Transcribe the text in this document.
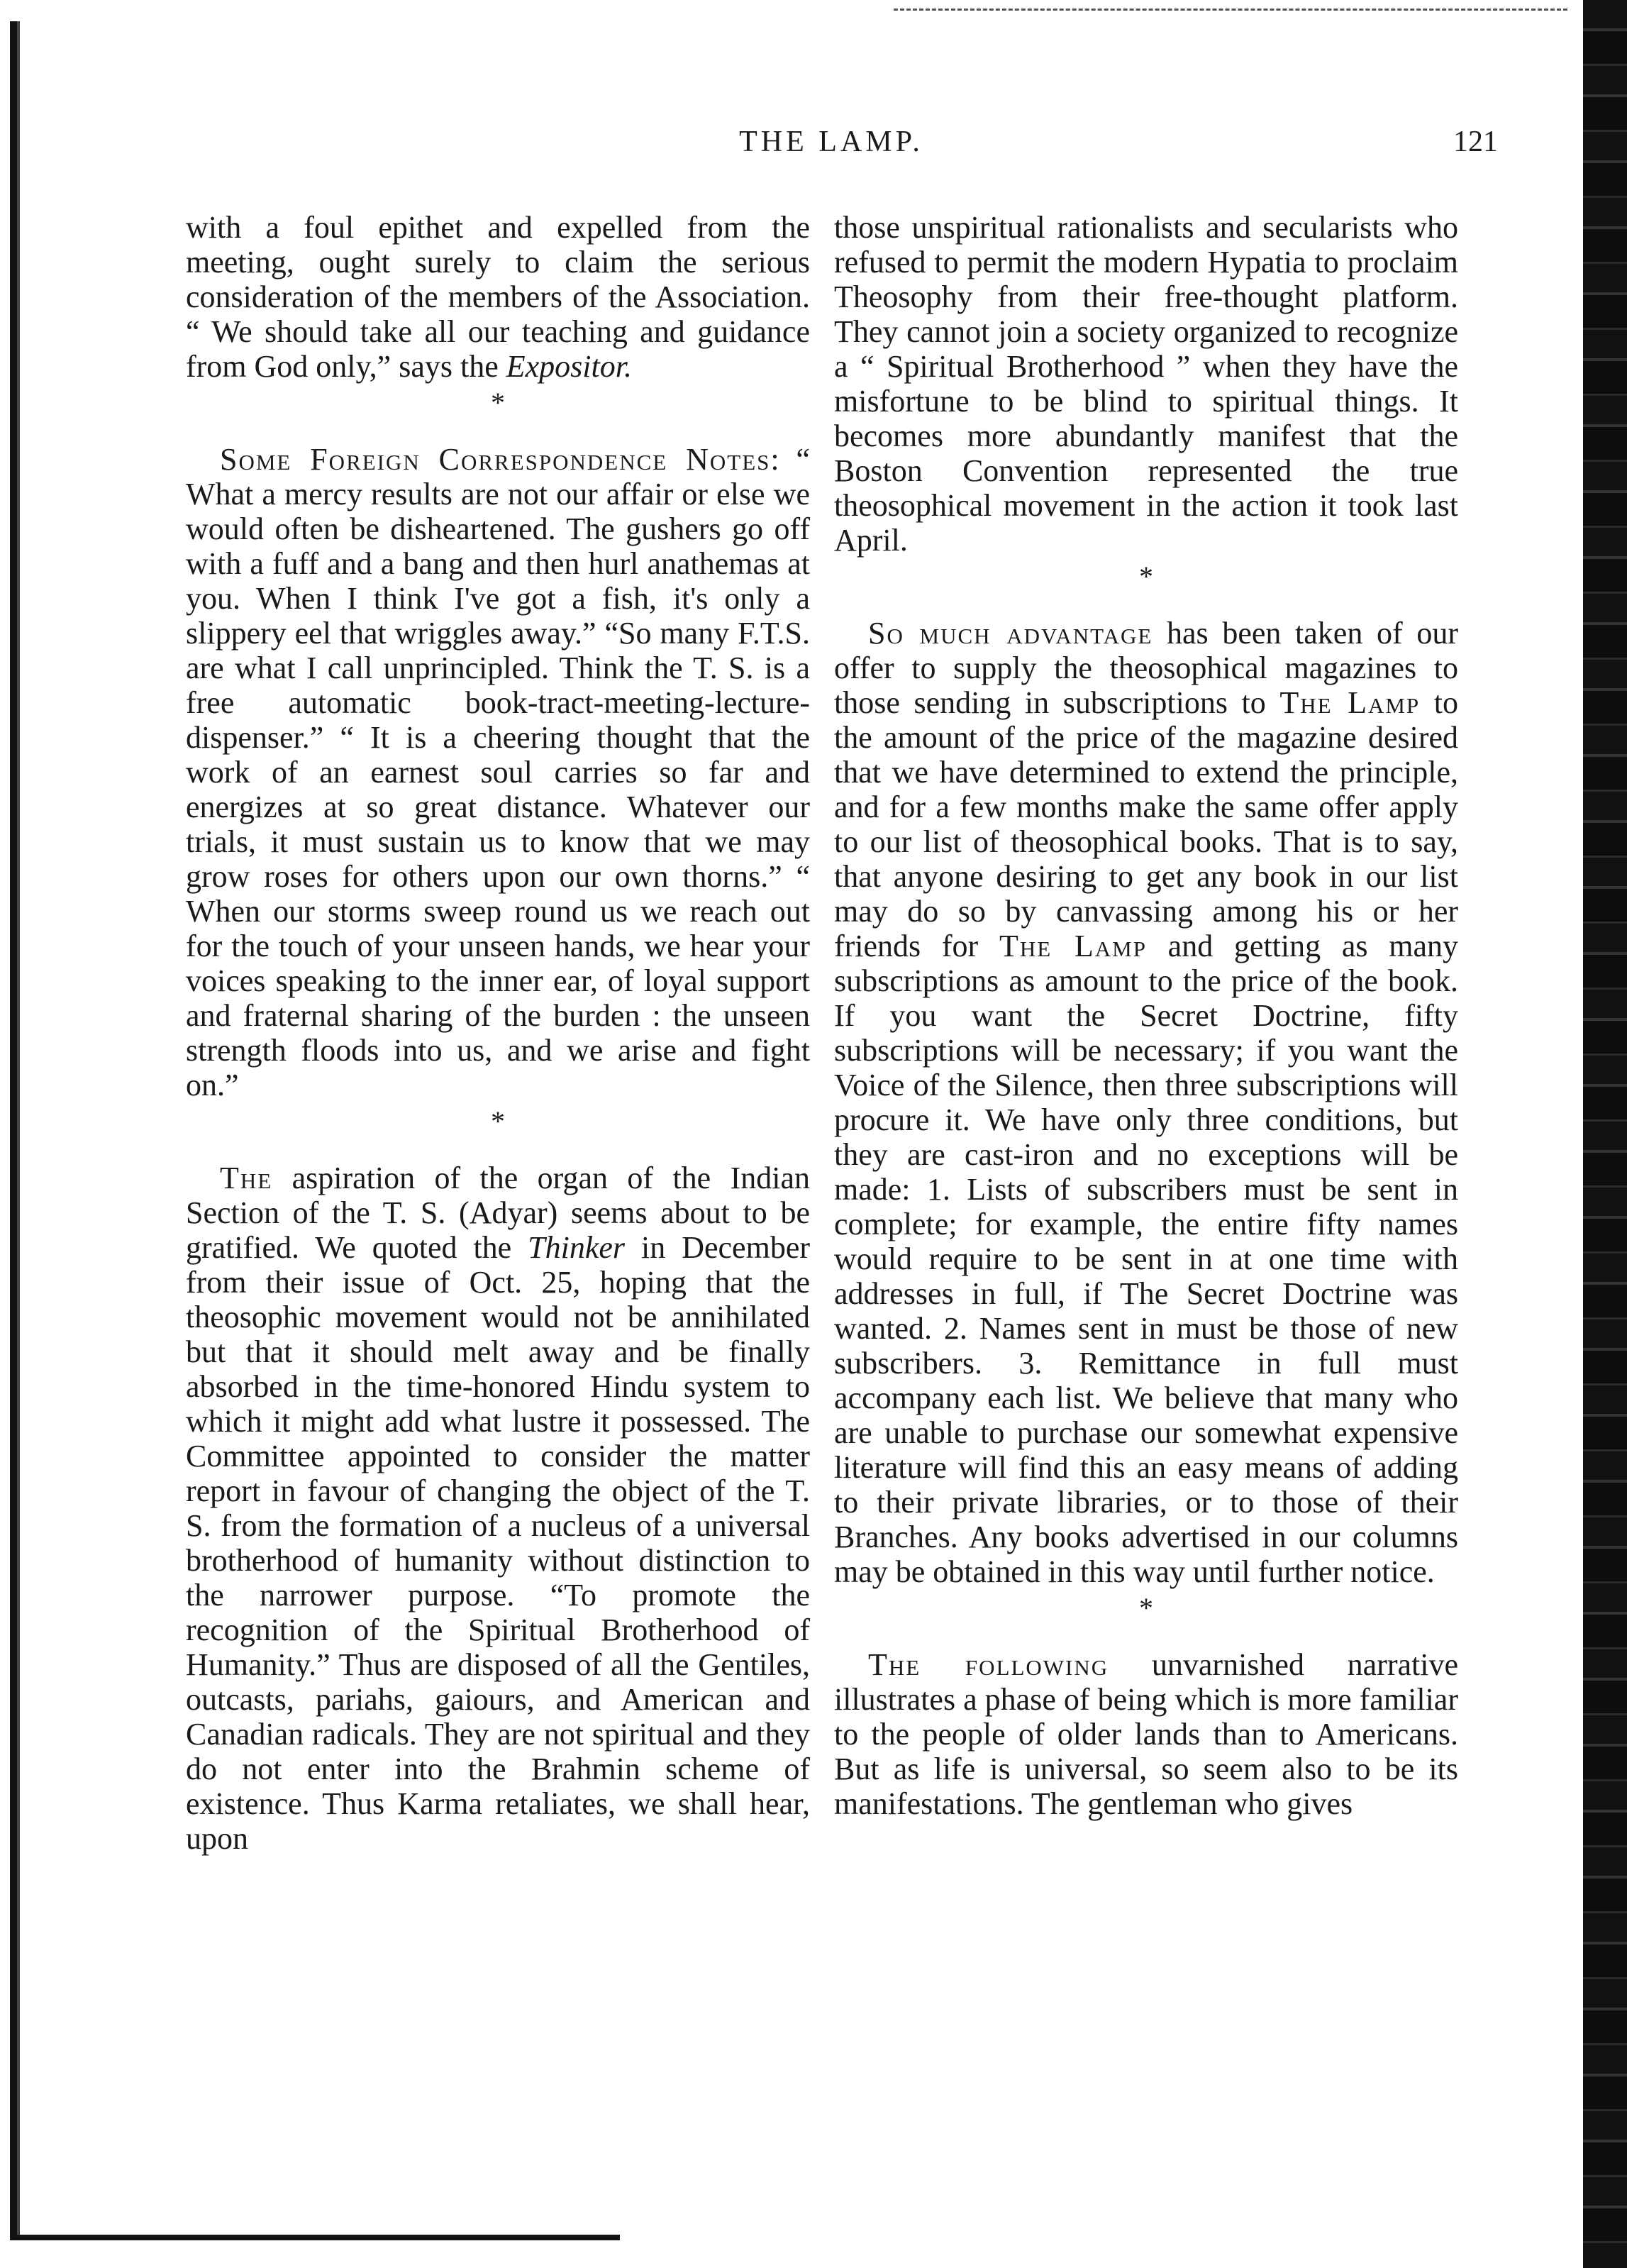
THE LAMP.	121

with a foul epithet and expelled from the meeting, ought surely to claim the serious consideration of the members of the Association. “ We should take all our teaching and guidance from God only,” says the Expositor.

*

Some Foreign Correspondence Notes: “ What a mercy results are not our affair or else we would often be disheartened. The gushers go off with a fuff and a bang and then hurl anathemas at you. When I think I've got a fish, it's only a slippery eel that wriggles away.” “So many F.T.S. are what I call unprincipled. Think the T. S. is a free automatic book-tract-meeting-lecture-dispenser.” “ It is a cheering thought that the work of an earnest soul carries so far and energizes at so great distance. Whatever our trials, it must sustain us to know that we may grow roses for others upon our own thorns.” “ When our storms sweep round us we reach out for the touch of your unseen hands, we hear your voices speaking to the inner ear, of loyal support and fraternal sharing of the burden : the unseen strength floods into us, and we arise and fight on.”

*

The aspiration of the organ of the Indian Section of the T. S. (Adyar) seems about to be gratified. We quoted the Thinker in December from their issue of Oct. 25, hoping that the theosophic movement would not be annihilated but that it should melt away and be finally absorbed in the time-honored Hindu system to which it might add what lustre it possessed. The Committee appointed to consider the matter report in favour of changing the object of the T. S. from the formation of a nucleus of a universal brotherhood of humanity without distinction to the narrower purpose. “To promote the recognition of the Spiritual Brotherhood of Humanity.” Thus are disposed of all the Gentiles, outcasts, pariahs, gaiours, and American and Canadian radicals. They are not spiritual and they do not enter into the Brahmin scheme of existence. Thus Karma retaliates, we shall hear, upon

those unspiritual rationalists and secularists who refused to permit the modern Hypatia to proclaim Theosophy from their free-thought platform. They cannot join a society organized to recognize a “ Spiritual Brotherhood ” when they have the misfortune to be blind to spiritual things. It becomes more abundantly manifest that the Boston Convention represented the true theosophical movement in the action it took last April.

*

So much advantage has been taken of our offer to supply the theosophical magazines to those sending in subscriptions to The Lamp to the amount of the price of the magazine desired that we have determined to extend the principle, and for a few months make the same offer apply to our list of theosophical books. That is to say, that anyone desiring to get any book in our list may do so by canvassing among his or her friends for The Lamp and getting as many subscriptions as amount to the price of the book. If you want the Secret Doctrine, fifty subscriptions will be necessary; if you want the Voice of the Silence, then three subscriptions will procure it. We have only three conditions, but they are cast-iron and no exceptions will be made: 1. Lists of subscribers must be sent in complete; for example, the entire fifty names would require to be sent in at one time with addresses in full, if The Secret Doctrine was wanted. 2. Names sent in must be those of new subscribers. 3. Remittance in full must accompany each list. We believe that many who are unable to purchase our somewhat expensive literature will find this an easy means of adding to their private libraries, or to those of their Branches. Any books advertised in our columns may be obtained in this way until further notice.

*

The following unvarnished narrative illustrates a phase of being which is more familiar to the people of older lands than to Americans. But as life is universal, so seem also to be its manifestations. The gentleman who gives
